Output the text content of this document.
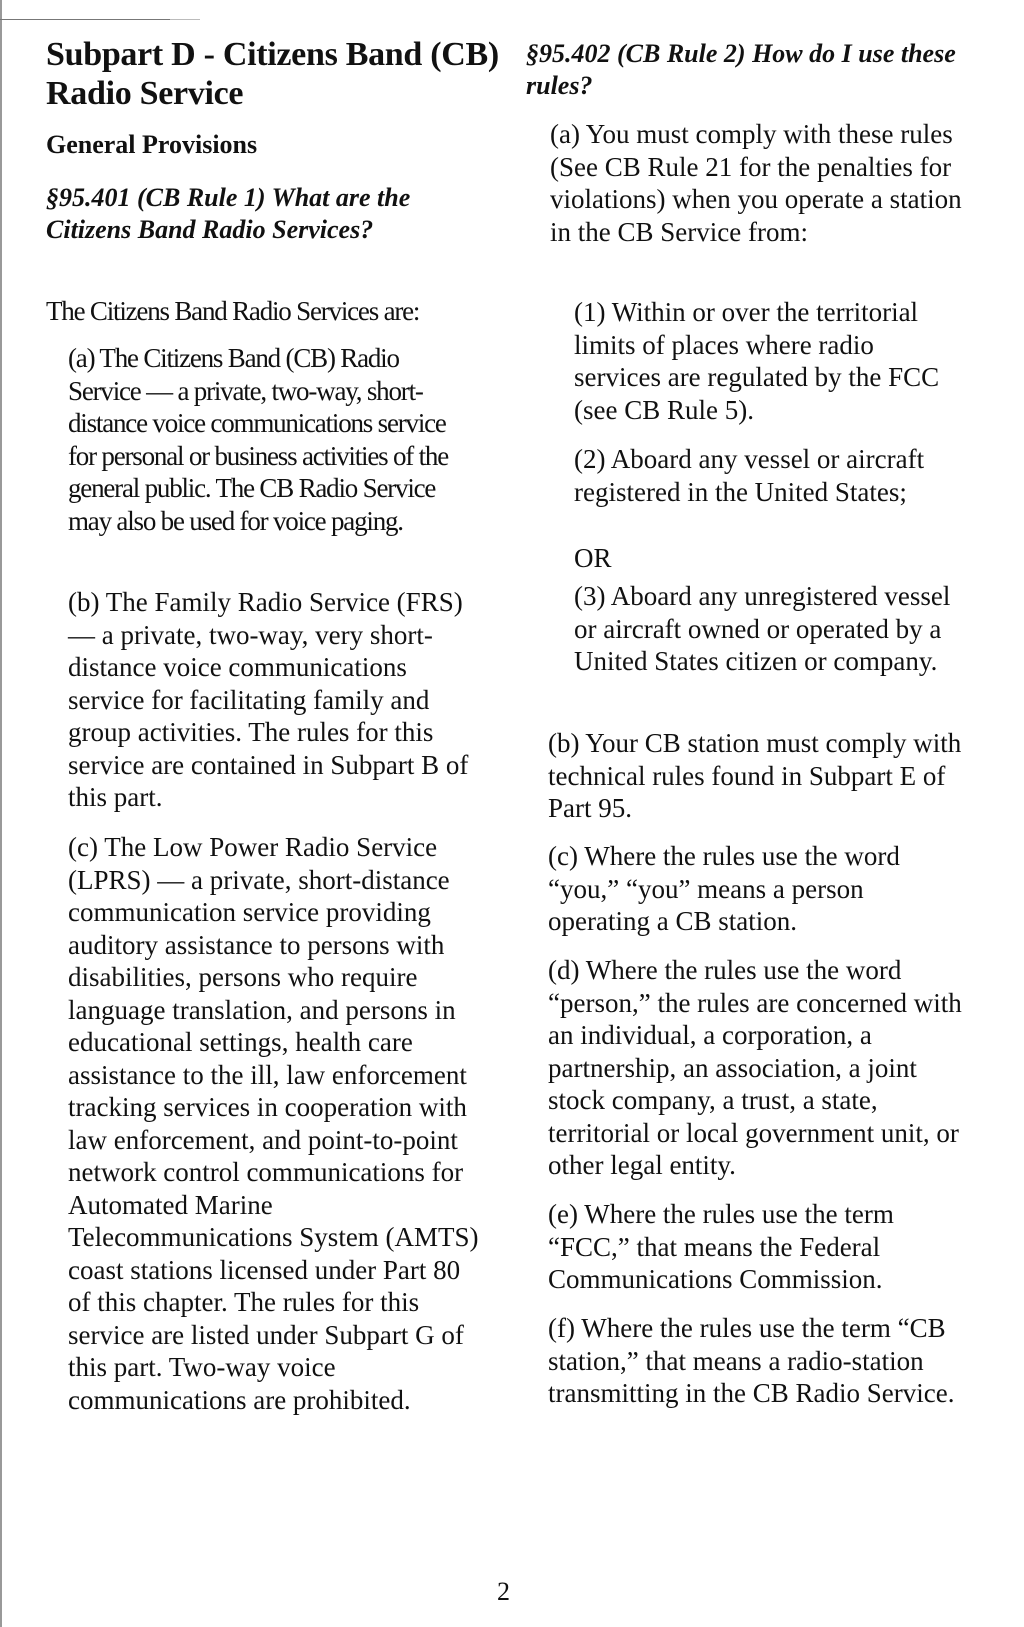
Subpart D - Citizens Band (CB) Radio Service
General Provisions
§95.401 (CB Rule 1) What are the Citizens Band Radio Services?
The Citizens Band Radio Services are:
(a) The Citizens Band (CB) Radio Service — a private, two-way, short-distance voice communications service for personal or business activities of the general public. The CB Radio Service may also be used for voice paging.
(b) The Family Radio Service (FRS) — a private, two-way, very short-distance voice communications service for facilitating family and group activities. The rules for this service are contained in Subpart B of this part.
(c) The Low Power Radio Service (LPRS) — a private, short-distance communication service providing auditory assistance to persons with disabilities, persons who require language translation, and persons in educational settings, health care assistance to the ill, law enforcement tracking services in cooperation with law enforcement, and point-to-point network control communications for Automated Marine Telecommunications System (AMTS) coast stations licensed under Part 80 of this chapter. The rules for this service are listed under Subpart G of this part. Two-way voice communications are prohibited.
§95.402 (CB Rule 2) How do I use these rules?
(a) You must comply with these rules (See CB Rule 21 for the penalties for violations) when you operate a station in the CB Service from:
(1) Within or over the territorial limits of places where radio services are regulated by the FCC (see CB Rule 5).
(2) Aboard any vessel or aircraft registered in the United States;
OR
(3) Aboard any unregistered vessel or aircraft owned or operated by a United States citizen or company.
(b) Your CB station must comply with technical rules found in Subpart E of Part 95.
(c) Where the rules use the word “you,” “you” means a person operating a CB station.
(d) Where the rules use the word “person,” the rules are concerned with an individual, a corporation, a partnership, an association, a joint stock company, a trust, a state, territorial or local government unit, or other legal entity.
(e) Where the rules use the term “FCC,” that means the Federal Communications Commission.
(f) Where the rules use the term “CB station,” that means a radio-station transmitting in the CB Radio Service.
2
